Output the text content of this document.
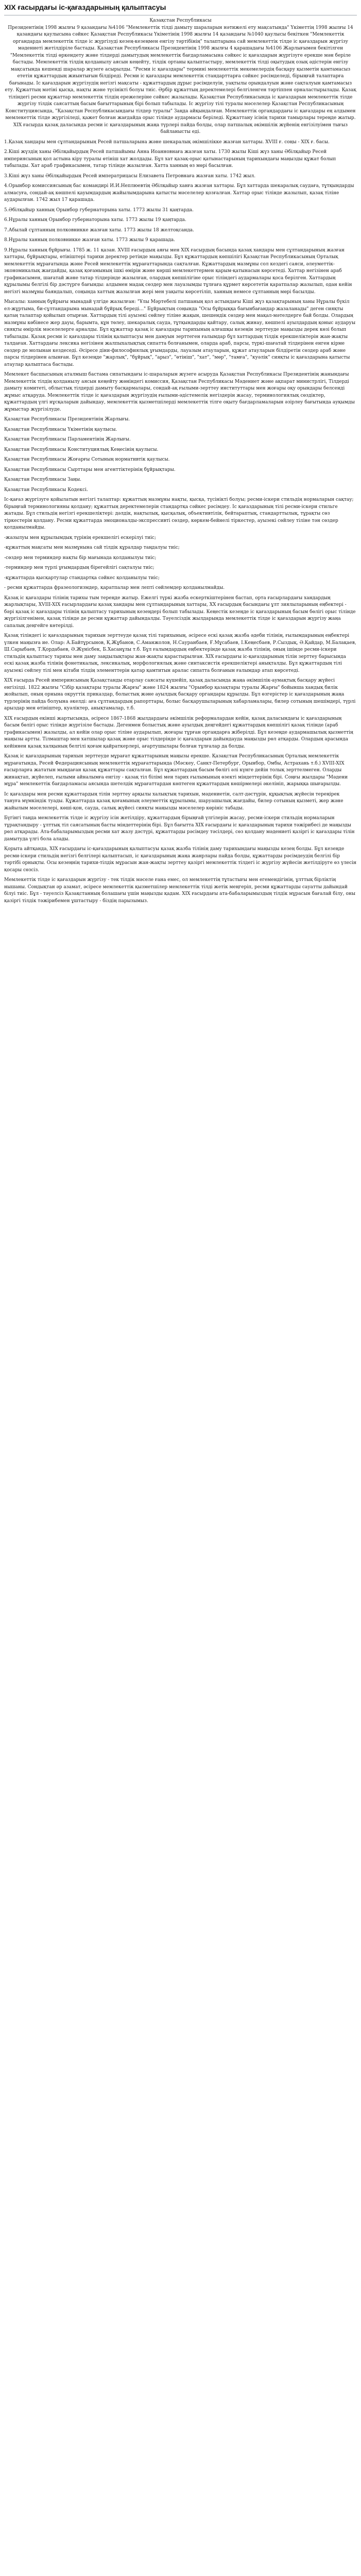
XIX ғасырдағы іс-қағаздарының қалыптасуы

Қазақстан Республикасы
Президентінің 1998 жылғы 9 қазандағы №4106 "Мемлекеттік тілді дамыту шараларын нәтижелі ету мақсатында" Үкіметтің 1998 жылғы 14 қазандағы қаулысына сәйкес Қазақстан Республикасы Үкіметінің 1998 жылғы 14 қазандағы №1040 қаулысы бекіткен "Мемлекеттік органдарда мемлекеттік тілде іс жүргізуді кезең-кезеңмен енгізу тәртібінің" талаптарына сай мемлекеттік тілде іс қағаздарын жүргізу мәдениеті жетілдіріле бастады. Қазақстан Республикасы Президентінің 1998 жылғы 4 қарашадағы №4106 Жарлығымен бекітілген "Мемлекеттік тілді өркендету және тілдерді дамытудың мемлекеттік бағдарламасына сәйкес іс қағаздарын жүргізуге ерекше мән беріле бастады. Мемлекеттік тілдің қолданылу аясын кеңейту, тілдік ортаны қалыптастыру, мемлекеттік тілді оқытудың озық әдістерін енгізу мақсатында кешенді шаралар жүзеге асырылды. "Ресми іс қағаздары" термині мемлекеттік мекемелердің басқару қызметін қамтамасыз ететін құжаттардың жиынтығын білдіреді. Ресми іс қағаздары мемлекеттік стандарттарға сәйкес рәсімделеді, бірыңғай талаптарға бағынады. Іс қағаздарын жүргізудің негізгі мақсаты - құжаттардың дұрыс рәсімделуін, уақтылы орындалуын және сақталуын қамтамасыз ету. Құжаттың мәтіні қысқа, нақты және түсінікті болуы тиіс. Әрбір құжаттың деректемелері белгіленген тәртіппен орналастырылады. Қазақ тіліндегі ресми құжаттар мемлекеттік тілдің ережелеріне сәйкес жазылады. Қазақстан Республикасында іс қағаздарын мемлекеттік тілде жүргізу тілдік саясаттың басым бағыттарының бірі болып табылады. Іс жүргізу тілі туралы мәселелер Қазақстан Республикасының Конституциясында, "Қазақстан Республикасындағы тілдер туралы" Заңда айқындалған. Мемлекеттік органдардағы іс қағаздары ең алдымен мемлекеттік тілде жүргізіледі, қажет болған жағдайда орыс тілінде аудармасы беріледі. Құжаттану ісінің тарихи тамырлары тереңде жатыр. XIX ғасырда қазақ даласында ресми іс қағаздарының жаңа түрлері пайда болды, олар патшалық әкімшілік жүйенің енгізілуімен тығыз байланысты еді.

1.Қазақ хандары мен сұлтандарының Ресей патшаларына және шекаралық әкімшілікке жазған хаттары. XVIII ғ. соңы - XIX ғ. басы.

2.Кіші жүздің ханы Әбілқайырдың Ресей патшайымы Анна Иоанновнаға жазған хаты. 1730 жылы Кіші жүз ханы Әбілқайыр Ресей империясының қол астына кіру туралы өтініш хат жолдады. Бұл хат қазақ-орыс қатынастарының тарихындағы маңызды құжат болып табылады. Хат араб графикасымен, татар тілінде жазылған. Хатта ханның өз мөрі басылған.

3.Кіші жүз ханы Әбілқайырдың Ресей императрицасы Елизавета Петровнаға жазған хаты. 1742 жыл.

4.Орынбор комиссиясының бас командирі И.И.Неплюевтің Әбілқайыр ханға жазған хаттары. Бұл хаттарда шекаралық саудаға, тұтқындарды алмасуға, сондай-ақ көшпелі қауымдардың жайылымдарына қатысты мәселелер қозғалған. Хаттар орыс тілінде жазылып, қазақ тіліне аударылған. 1742 жыл 17 қарашада.

5.Әбілқайыр ханның Орынбор губернаторына хаты. 1773 жылы 31 қаңтарда.

6.Нұралы ханның Орынбор губернаторына хаты. 1773 жылы 19 қаңтарда.

7.Абылай сұлтанның полковникке жазған хаты. 1773 жылы 18 желтоқсанда.

8.Нұралы ханның полковникке жазған хаты. 1773 жылы 9 қарашада.

9.Нұралы ханның бұйрығы. 1785 ж. 11 қазан. XVIII ғасырдың аяғы мен XIX ғасырдың басында қазақ хандары мен сұлтандарының жазған хаттары, бұйрықтары, өтініштері тарихи деректер ретінде маңызды. Бұл құжаттардың көпшілігі Қазақстан Республикасының Орталық мемлекеттік мұрағатында және Ресей мемлекеттік мұрағаттарында сақталған. Құжаттардың мазмұны сол кездегі саяси, әлеуметтік-экономикалық жағдайды, қазақ қоғамының ішкі өмірін және көрші мемлекеттермен қарым-қатынасын көрсетеді. Хаттар негізінен араб графикасымен, шағатай және татар тілдерінде жазылған, олардың көпшілігіне орыс тіліндегі аудармалары қоса берілген. Хаттардың құрылымы белгілі бір дәстүрге бағынды: алдымен мадақ сөздер мен лауазымды тұлғаға құрмет көрсететін қаратпалар жазылып, одан кейін негізгі мазмұны баяндалып, соңында хаттың жазылған жері мен уақыты көрсетіліп, ханның немесе сұлтанның мөрі басылды.

Мысалы: ханның бұйрығы мынадай үлгіде жазылған: "Ұлы Мәртебелі патшаның қол астындағы Кіші жүз қазақтарының ханы Нұралы бүкіл ел-жұртыма, би-сұлтандарыма мынадай бұйрық береді..." Бұйрықтың соңында "Осы бұйрыққа бағынбағандар жазаланады" деген сияқты қатаң талаптар қойылып отырған. Хаттардың тілі ауызекі сөйлеу тіліне жақын, шешендік сөздер мен мақал-мәтелдерге бай болды. Олардың мазмұны көбінесе жер дауы, барымта, құн төлеу, шекаралық сауда, тұтқындарды қайтару, салық жинау, көшпелі ауылдардың қоныс аударуы сияқты өмірлік мәселелерге арналды. Бұл құжаттар қазақ іс қағаздары тарихының алғашқы кезеңін зерттеуде маңызды дерек көзі болып табылады. Қазақ ресми іс қағаздары тілінің қалыптасуы мен дамуын зерттеген ғалымдар бұл хаттардың тілдік ерекшеліктерін жан-жақты талдаған. Хаттардағы лексика негізінен жалпыхалықтық сипатта болғанымен, оларда араб, парсы, түркі-шағатай тілдерінен енген кірме сөздер де молынан кездеседі. Әсіресе діни-философиялық ұғымдарды, лауазым атауларын, құжат атауларын білдіретін сөздер араб және парсы тілдерінен алынған. Бұл кезеңде "жарлық", "бұйрық", "арыз", "өтініш", "хат", "мөр", "тамға", "куәлік" сияқты іс қағаздарына қатысты атаулар қалыптаса бастады.

Мемлекет басшысының аталмыш бастама сипатындағы іс-шараларын жүзеге асыруда Қазақстан Республикасы Президентінің жанындағы Мемлекеттік тілдің қолданылу аясын кеңейту жөніндегі комиссия, Қазақстан Республикасы Мәдениет және ақпарат министрлігі, Тілдерді дамыту комитеті, облыстық тілдерді дамыту басқармалары, сондай-ақ ғылыми-зерттеу институттары мен жоғары оқу орындары белсенді жұмыс атқаруда. Мемлекеттік тілде іс қағаздарын жүргізудің ғылыми-әдістемелік негіздерін жасау, терминологиялық сөздіктер, құжаттардың үлгі нұсқаларын дайындау, мемлекеттік қызметшілерді мемлекеттік тілге оқыту бағдарламаларын әзірлеу бағытында ауқымды жұмыстар жүргізілуде.

Қазақстан Республикасы Президентінің Жарлығы.

Қазақстан Республикасы Үкіметінің қаулысы.

Қазақстан Республикасы Парламентінің Жарлығы.

Қазақстан Республикасы Конституциялық Кеңесінің қаулысы.

Қазақстан Республикасы Жоғарғы Сотының нормативтік қаулысы.

Қазақстан Республикасы Сырттары мен агенттіктерінің бұйрықтары.

Қазақстан Республикасы Заңы.

Қазақстан Республикасы Кодексі.

Іс-қағаз жүргізуге қойылатын негізгі талаптар: құжаттың мазмұны нақты, қысқа, түсінікті болуы; ресми-іскери стильдің нормаларын сақтау; бірыңғай терминологияны қолдану; құжаттың деректемелерін стандартқа сәйкес рәсімдеу. Іс қағаздарының тілі ресми-іскери стильге жатады. Бұл стильдің негізгі ерекшеліктері: дәлдік, нақтылық, қысқалық, объективтілік, бейтараптық, стандарттылық, тұрақты сөз тіркестерін қолдану. Ресми құжаттарда эмоционалды-экспрессивті сөздер, көркем-бейнелі тіркестер, ауызекі сөйлеу тіліне тән сөздер қолданылмайды.

-жазылуы мен құрылымдық түрінің ерекшелігі ескерілуі тиіс;

-құжаттың мақсаты мен мазмұнына сай тілдік құралдар таңдалуы тиіс;

-сөздер мен терминдер нақты бір мағынада қолданылуы тиіс;

-терминдер мен түрлі ұғымдардың бірегейлігі сақталуы тиіс;

-құжаттарда қысқартулар стандартқа сәйкес қолданылуы тиіс;

- ресми құжаттарда фразеологизмдер, қаратпалар мен лепті сөйлемдер қолданылмайды.

Қазақ іс қағаздары тілінің тарихы тым тереңде жатыр. Ежелгі түркі жазба ескерткіштерінен бастап, орта ғасырлардағы хандардың жарлықтары, XVIII-XIX ғасырлардағы қазақ хандары мен сұлтандарының хаттары, XX ғасырдың басындағы ұлт зиялыларының еңбектері - бәрі қазақ іс қағаздары тілінің қалыптасу тарихының кезеңдері болып табылады. Кеңестік кезеңде іс қағаздарының басым бөлігі орыс тілінде жүргізілгенімен, қазақ тілінде де ресми құжаттар дайындалды. Тәуелсіздік жылдарында мемлекеттік тілде іс қағаздарын жүргізу жаңа сапалық деңгейге көтерілді.

Қазақ тіліндегі іс қағаздарының тарихын зерттеуде қазақ тілі тарихының, әсіресе ескі қазақ жазба әдеби тілінің, ғылымдарының еңбектері үлкен маңызға ие. Олар: А.Байтұрсынов, Қ.Жұбанов, С.Аманжолов, Н.Сауранбаев, Ғ.Мұсабаев, І.Кеңесбаев, Р.Сыздық, Ә.Қайдар, М.Балақаев, Ш.Сарыбаев, Т.Қордабаев, Ә.Жүнісбек, Б.Хасанұлы т.б. Бұл ғалымдардың еңбектерінде қазақ жазба тілінің, оның ішінде ресми-іскери стильдің қалыптасу тарихы мен даму заңдылықтары жан-жақты қарастырылған. XIX ғасырдағы іс-қағаздарының тілін зерттеу барысында ескі қазақ жазба тілінің фонетикалық, лексикалық, морфологиялық және синтаксистік ерекшеліктері анықталды. Бұл құжаттардың тілі ауызекі сөйлеу тілі мен кітаби тілдің элементтерін қатар қамтитын аралас сипатта болғанын ғалымдар атап көрсетеді.

XIX ғасырда Ресей империясының Қазақстанды отарлау саясаты күшейіп, қазақ даласында жаңа әкімшілік-аумақтық басқару жүйесі енгізілді. 1822 жылғы "Сібір қазақтары туралы Жарғы" және 1824 жылғы "Орынбор қазақтары туралы Жарғы" бойынша хандық билік жойылып, оның орнына округтік приказдар, болыстық және ауылдық басқару органдары құрылды. Бұл өзгерістер іс қағаздарының жаңа түрлерінің пайда болуына әкелді: аға сұлтандардың рапорттары, болыс басқарушыларының хабарламалары, билер сотының шешімдері, түрлі арыздар мен өтініштер, куәліктер, анықтамалар, т.б.

XIX ғасырдың екінші жартысында, әсіресе 1867-1868 жылдардағы әкімшілік реформалардан кейін, қазақ даласындағы іс қағаздарының басым бөлігі орыс тілінде жүргізіле бастады. Дегенмен болыстық және ауылдық деңгейдегі құжаттардың көпшілігі қазақ тілінде (араб графикасымен) жазылды, ал кейін олар орыс тіліне аударылып, жоғары тұрған органдарға жіберілді. Бұл кезеңде аудармашылық қызметтің маңызы артты. Тілмаштар мен хатшылар қазақ және орыс тілдерінде іс қағаздарын дайындауда маңызды рөл атқарды. Олардың арасында кейіннен қазақ халқының белгілі қоғам қайраткерлері, ағартушылары болған тұлғалар да болды.

Қазақ іс қағаздарының тарихын зерттеуде мұрағат құжаттарының маңызы ерекше. Қазақстан Республикасының Орталық мемлекеттік мұрағатында, Ресей Федерациясының мемлекеттік мұрағаттарында (Мәскеу, Санкт-Петербург, Орынбор, Омбы, Астрахань т.б.) XVIII-XIX ғасырларға жататын мыңдаған қазақ құжаттары сақталған. Бұл құжаттардың басым бөлігі әлі күнге дейін толық зерттелмеген. Оларды жинақтап, жүйелеп, ғылыми айналымға енгізу - қазақ тіл білімі мен тарих ғылымының өзекті міндеттерінің бірі. Соңғы жылдары "Мәдени мұра" мемлекеттік бағдарламасы аясында шетелдік мұрағаттардан көптеген құжаттардың көшірмелері әкелініп, жарыққа шығарылды.

Іс қағаздары мен ресми құжаттардың тілін зерттеу арқылы халықтың тарихын, мәдениетін, салт-дәстүрін, құқықтық жүйесін тереңірек тануға мүмкіндік туады. Құжаттарда қазақ қоғамының әлеуметтік құрылымы, шаруашылық жағдайы, билер сотының қызметі, жер және жайылым мәселелері, көші-қон, сауда, салық жүйесі сияқты маңызды мәселелер көрініс табады.

Бүгінгі таңда мемлекеттік тілде іс жүргізу ісін жетілдіру, құжаттардың бірыңғай үлгілерін жасау, ресми-іскери стильдің нормаларын тұрақтандыру - ұлттық тіл саясатының басты міндеттерінің бірі. Бұл бағытта XIX ғасырдағы іс қағаздарының тарихи тәжірибесі де маңызды рөл атқарады. Ата-бабаларымыздың ресми хат жазу дәстүрі, құжаттарды рәсімдеу тәсілдері, сөз қолдану мәдениеті қазіргі іс қағаздары тілін дамытуда үлгі бола алады.

Қорыта айтқанда, XIX ғасырдағы іс-қағаздарының қалыптасуы қазақ жазба тілінің даму тарихындағы маңызды кезең болды. Бұл кезеңде ресми-іскери стильдің негізгі белгілері қалыптасып, іс қағаздарының жаңа жанрлары пайда болды, құжаттарды рәсімдеудің белгілі бір тәртібі орнықты. Осы кезеңнің тарихи-тілдік мұрасын жан-жақты зерттеу қазіргі мемлекеттік тілдегі іс жүргізу жүйесін жетілдіруге өз үлесін қосары сөзсіз.

Мемлекеттік тілде іс қағаздарын жүргізу - тек тілдік мәселе ғана емес, ол мемлекеттің тұтастығы мен егемендігінің, ұлттық бірліктің нышаны. Сондықтан әр азамат, әсіресе мемлекеттік қызметшілер мемлекеттік тілді жетік меңгеріп, ресми құжаттарды сауатты дайындай білуі тиіс. Бұл - тәуелсіз Қазақстанның болашағы үшін маңызды қадам. XIX ғасырдағы ата-бабаларымыздың тілдік мұрасын бағалай білу, оны қазіргі тілдік тәжірибемен ұштастыру - біздің парызымыз.
